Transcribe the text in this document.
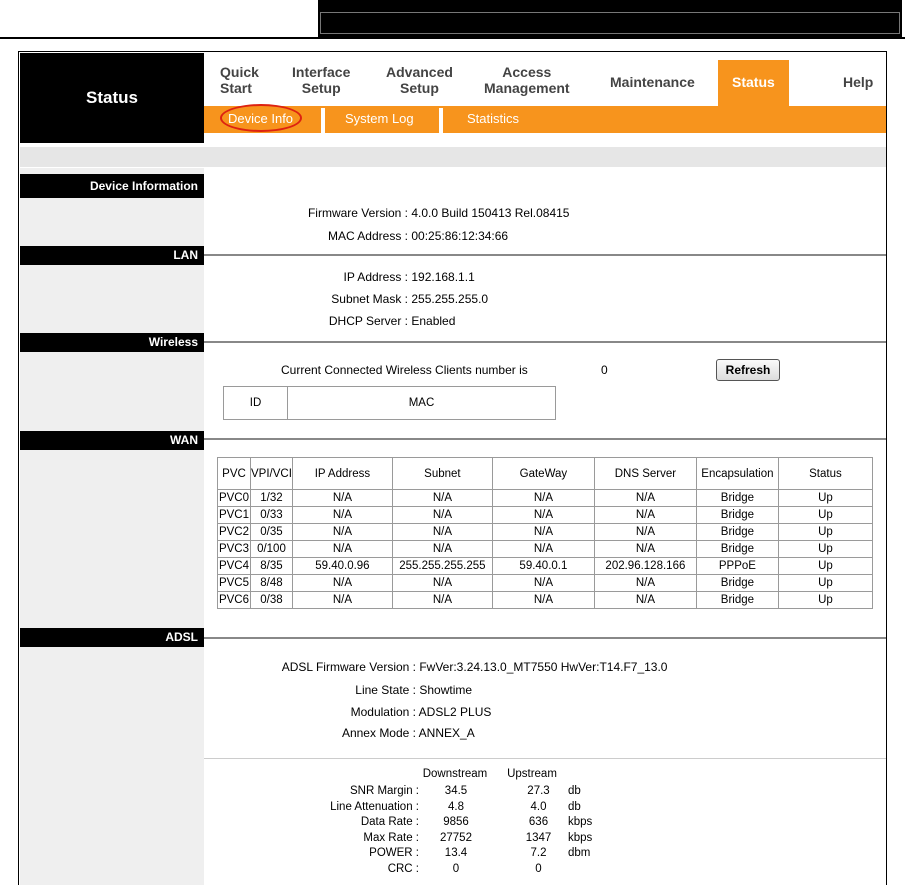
Status
Quick
Start
Interface
Setup
Advanced
Setup
Access
Management	Maintenance	Status	Help
Device Info	System Log	Statistics
Device Information
Firmware Version : 4.0.0 Build 150413 Rel.08415
MAC Address : 00:25:86:12:34:66
LAN
IP Address : 192.168.1.1
Subnet Mask : 255.255.255.0
DHCP Server : Enabled
Wireless
Current Connected Wireless Clients number is	0	Refresh
ID	MAC
WAN
PVC	VPI/VCI	IP Address	Subnet	GateWay	DNS Server	Encapsulation	Status
PVC0	1/32	N/A	N/A	N/A	N/A	Bridge	Up
PVC1	0/33	N/A	N/A	N/A	N/A	Bridge	Up
PVC2	0/35	N/A	N/A	N/A	N/A	Bridge	Up
PVC3	0/100	N/A	N/A	N/A	N/A	Bridge	Up
PVC4	8/35	59.40.0.96	255.255.255.255	59.40.0.1	202.96.128.166	PPPoE	Up
PVC5	8/48	N/A	N/A	N/A	N/A	Bridge	Up
PVC6	0/38	N/A	N/A	N/A	N/A	Bridge	Up
ADSL
ADSL Firmware Version : FwVer:3.24.13.0_MT7550 HwVer:T14.F7_13.0
Line State : Showtime
Modulation : ADSL2 PLUS
Annex Mode : ANNEX_A
Downstream	Upstream
SNR Margin :	34.5	27.3	db
Line Attenuation :	4.8	4.0	db
Data Rate :	9856	636	kbps
Max Rate :	27752	1347	kbps
POWER :	13.4	7.2	dbm
CRC :	0	0
